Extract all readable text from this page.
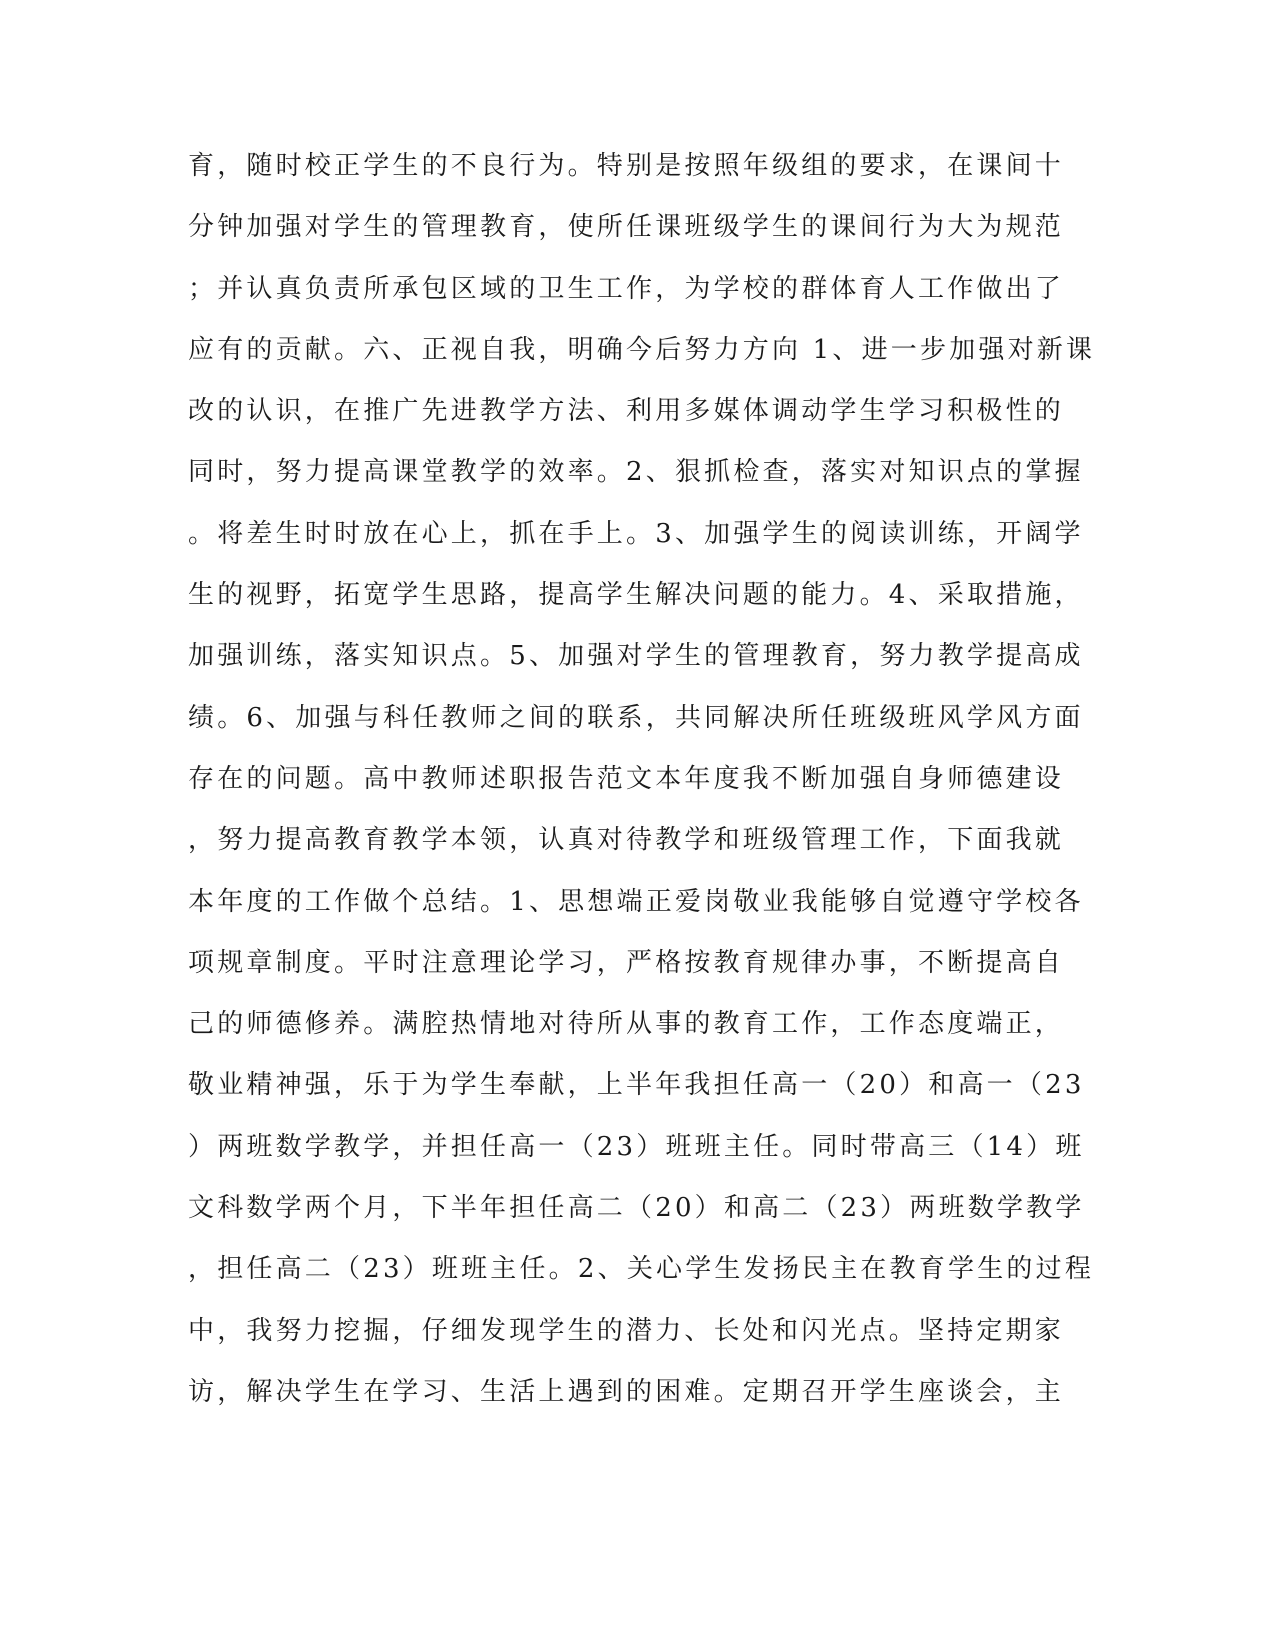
育，随时校正学生的不良行为。特别是按照年级组的要求，在课间十
分钟加强对学生的管理教育，使所任课班级学生的课间行为大为规范
；并认真负责所承包区域的卫生工作，为学校的群体育人工作做出了
应有的贡献。六、正视自我，明确今后努力方向 1、进一步加强对新课
改的认识，在推广先进教学方法、利用多媒体调动学生学习积极性的
同时，努力提高课堂教学的效率。2、狠抓检查，落实对知识点的掌握
。将差生时时放在心上，抓在手上。3、加强学生的阅读训练，开阔学
生的视野，拓宽学生思路，提高学生解决问题的能力。4、采取措施，
加强训练，落实知识点。5、加强对学生的管理教育，努力教学提高成
绩。6、加强与科任教师之间的联系，共同解决所任班级班风学风方面
存在的问题。高中教师述职报告范文本年度我不断加强自身师德建设
，努力提高教育教学本领，认真对待教学和班级管理工作，下面我就
本年度的工作做个总结。1、思想端正爱岗敬业我能够自觉遵守学校各
项规章制度。平时注意理论学习，严格按教育规律办事，不断提高自
己的师德修养。满腔热情地对待所从事的教育工作，工作态度端正，
敬业精神强，乐于为学生奉献，上半年我担任高一（20）和高一（23
）两班数学教学，并担任高一（23）班班主任。同时带高三（14）班
文科数学两个月，下半年担任高二（20）和高二（23）两班数学教学
，担任高二（23）班班主任。2、关心学生发扬民主在教育学生的过程
中，我努力挖掘，仔细发现学生的潜力、长处和闪光点。坚持定期家
访，解决学生在学习、生活上遇到的困难。定期召开学生座谈会，主
